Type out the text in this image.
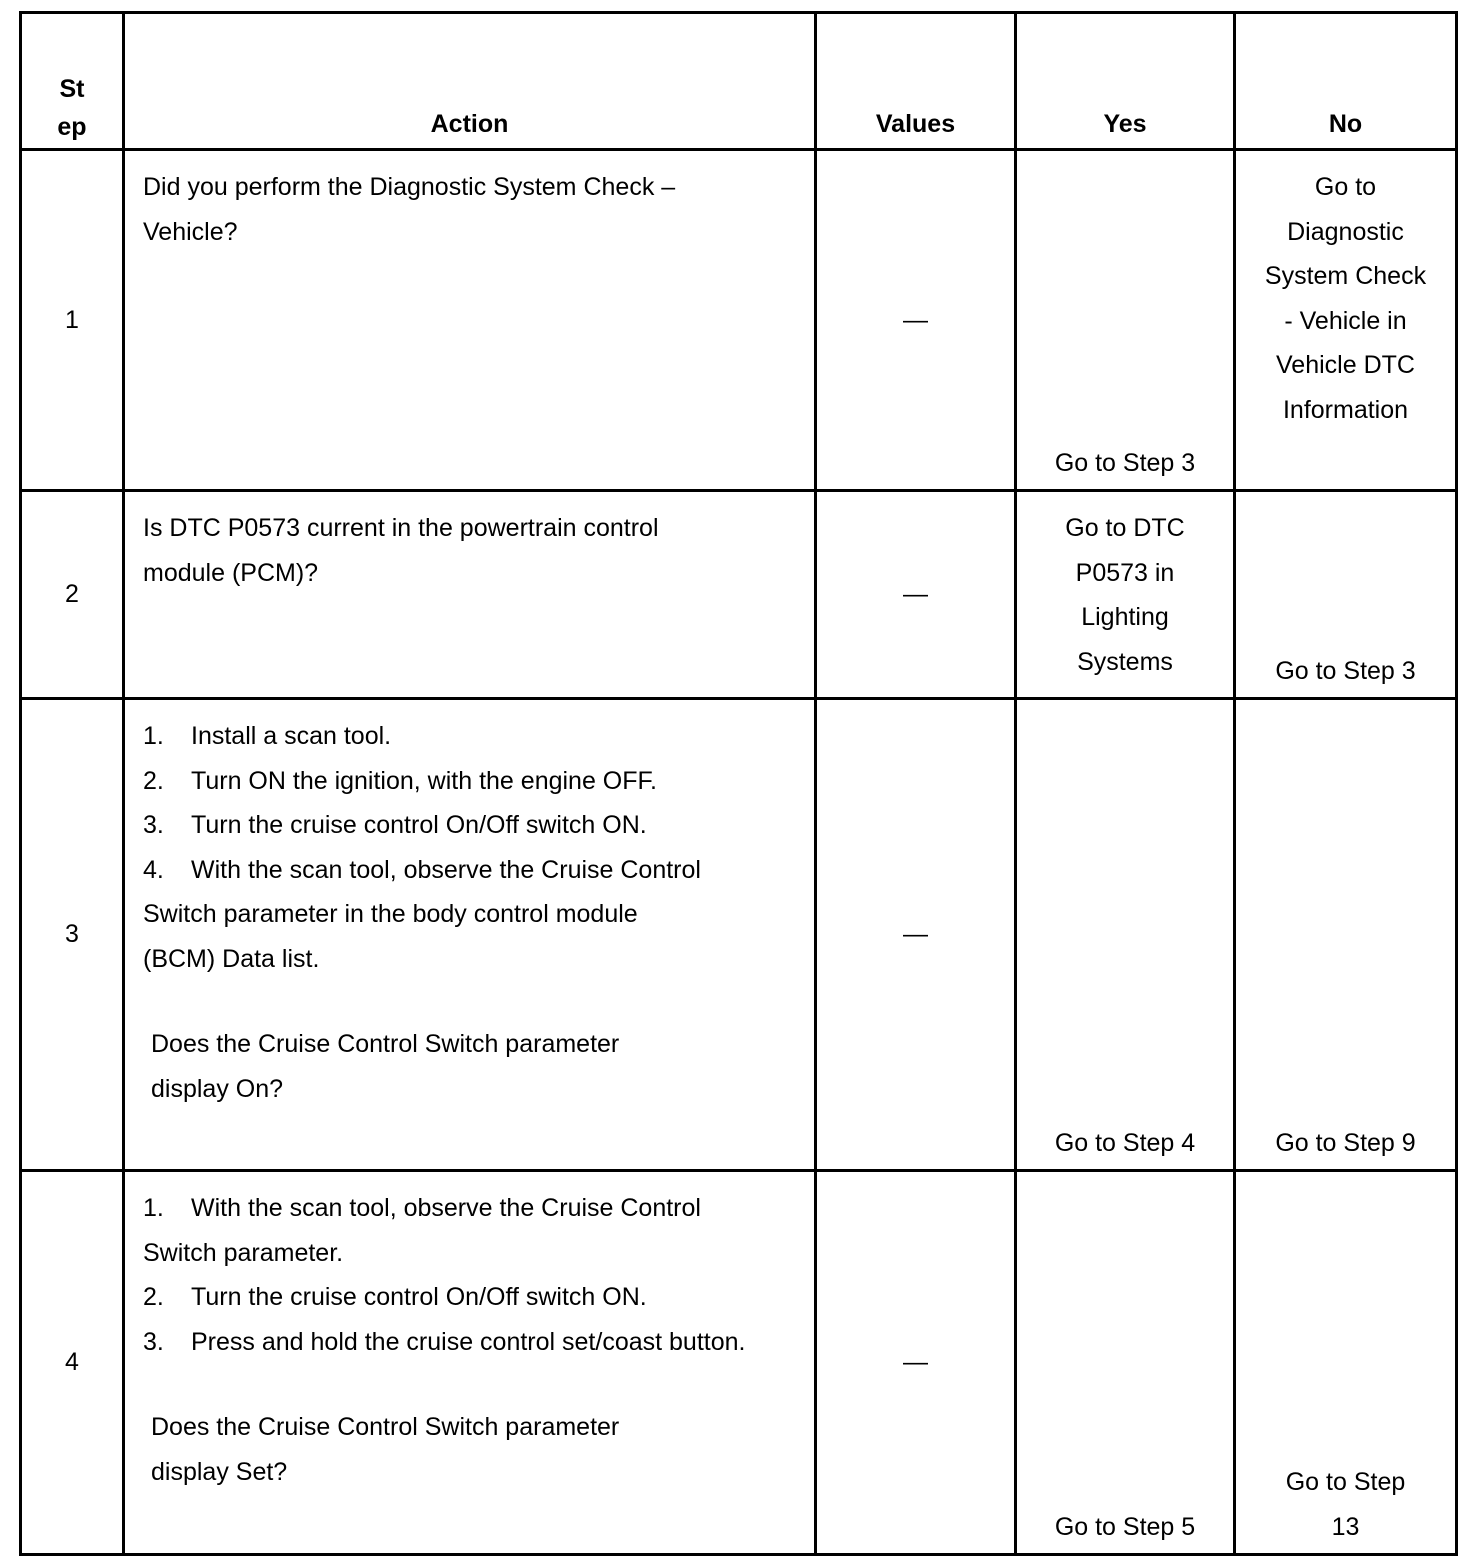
St ep	Action	Values	Yes	No
1	Did you perform the Diagnostic System Check – Vehicle?	—	Go to Step 3	Go to Diagnostic System Check - Vehicle in Vehicle DTC Information
2	Is DTC P0573 current in the powertrain control module (PCM)?	—	Go to DTC P0573 in Lighting Systems	Go to Step 3
3	1. Install a scan tool.
2. Turn ON the ignition, with the engine OFF.
3. Turn the cruise control On/Off switch ON.
4. With the scan tool, observe the Cruise Control Switch parameter in the body control module (BCM) Data list.
Does the Cruise Control Switch parameter display On?	—	Go to Step 4	Go to Step 9
4	1. With the scan tool, observe the Cruise Control Switch parameter.
2. Turn the cruise control On/Off switch ON.
3. Press and hold the cruise control set/coast button.
Does the Cruise Control Switch parameter display Set?	—	Go to Step 5	Go to Step 13
